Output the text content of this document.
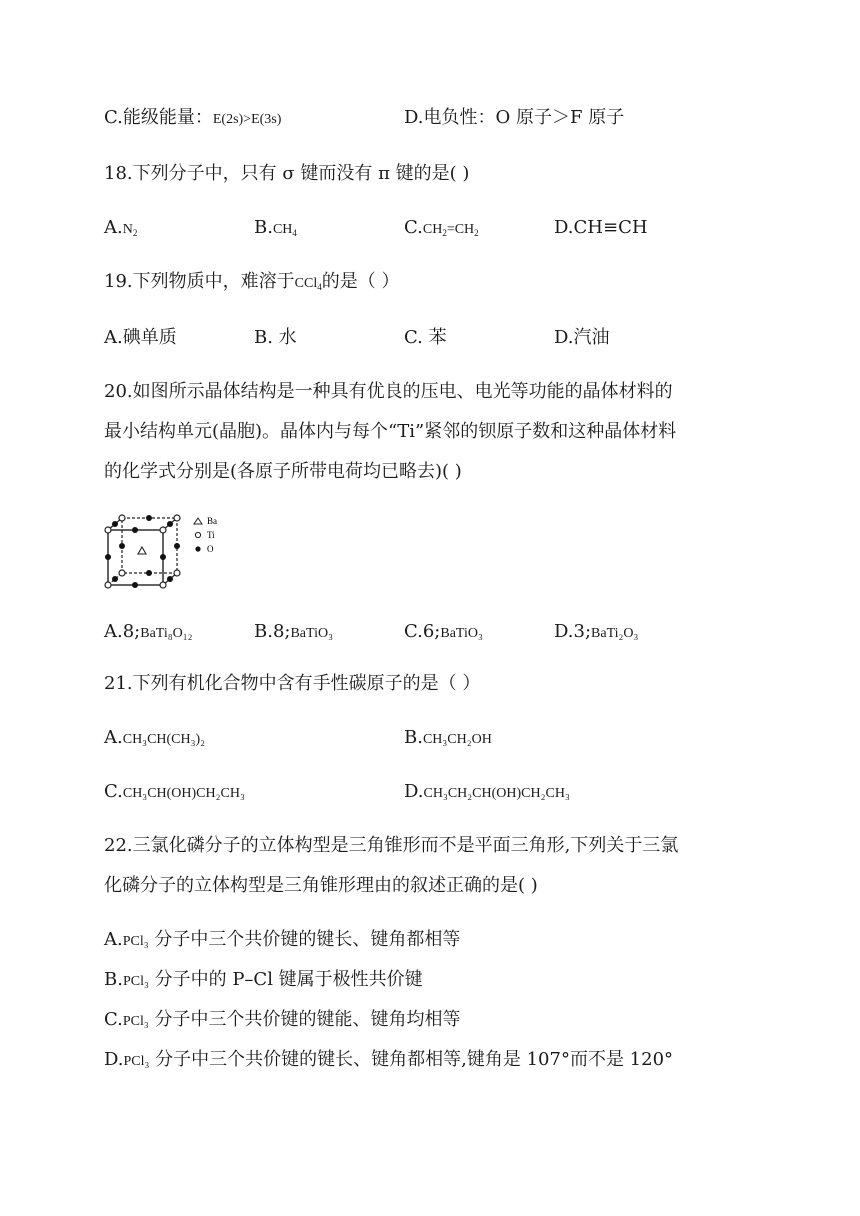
C.能级能量：E(2s)>E(3s)	D.电负性：O 原子＞F 原子
18.下列分子中，只有 σ 键而没有 π 键的是( )
$A.N_2$	$B.CH_4$	$C.CH_2=CH_2$	D.CH≡CH
19.下列物质中，难溶于CCl$_4$的是（ ）
A.碘单质	B. 水	C. 苯	D.汽油
20.如图所示晶体结构是一种具有优良的压电、电光等功能的晶体材料的
最小结构单元(晶胞)。晶体内与每个“Ti”紧邻的钡原子数和这种晶体材料
的化学式分别是(各原子所带电荷均已略去)( )
Ba
Ti
O
A.8;BaTi₈O₁₂	B.8;BaTiO₃	C.6;BaTiO₃	D.3;BaTi₂O₃
21.下列有机化合物中含有手性碳原子的是（ ）
A.CH₃CH(CH₃)₂	B.CH₃CH₂OH
C.CH₃CH(OH)CH₂CH₃	D.CH₃CH₂CH(OH)CH₂CH₃
22.三氯化磷分子的立体构型是三角锥形而不是平面三角形,下列关于三氯
化磷分子的立体构型是三角锥形理由的叙述正确的是( )
A.PCl₃ 分子中三个共价键的键长、键角都相等
B.PCl₃ 分子中的 P–Cl 键属于极性共价键
C.PCl₃ 分子中三个共价键的键能、键角均相等
D.PCl₃ 分子中三个共价键的键长、键角都相等,键角是 107°而不是 120°
